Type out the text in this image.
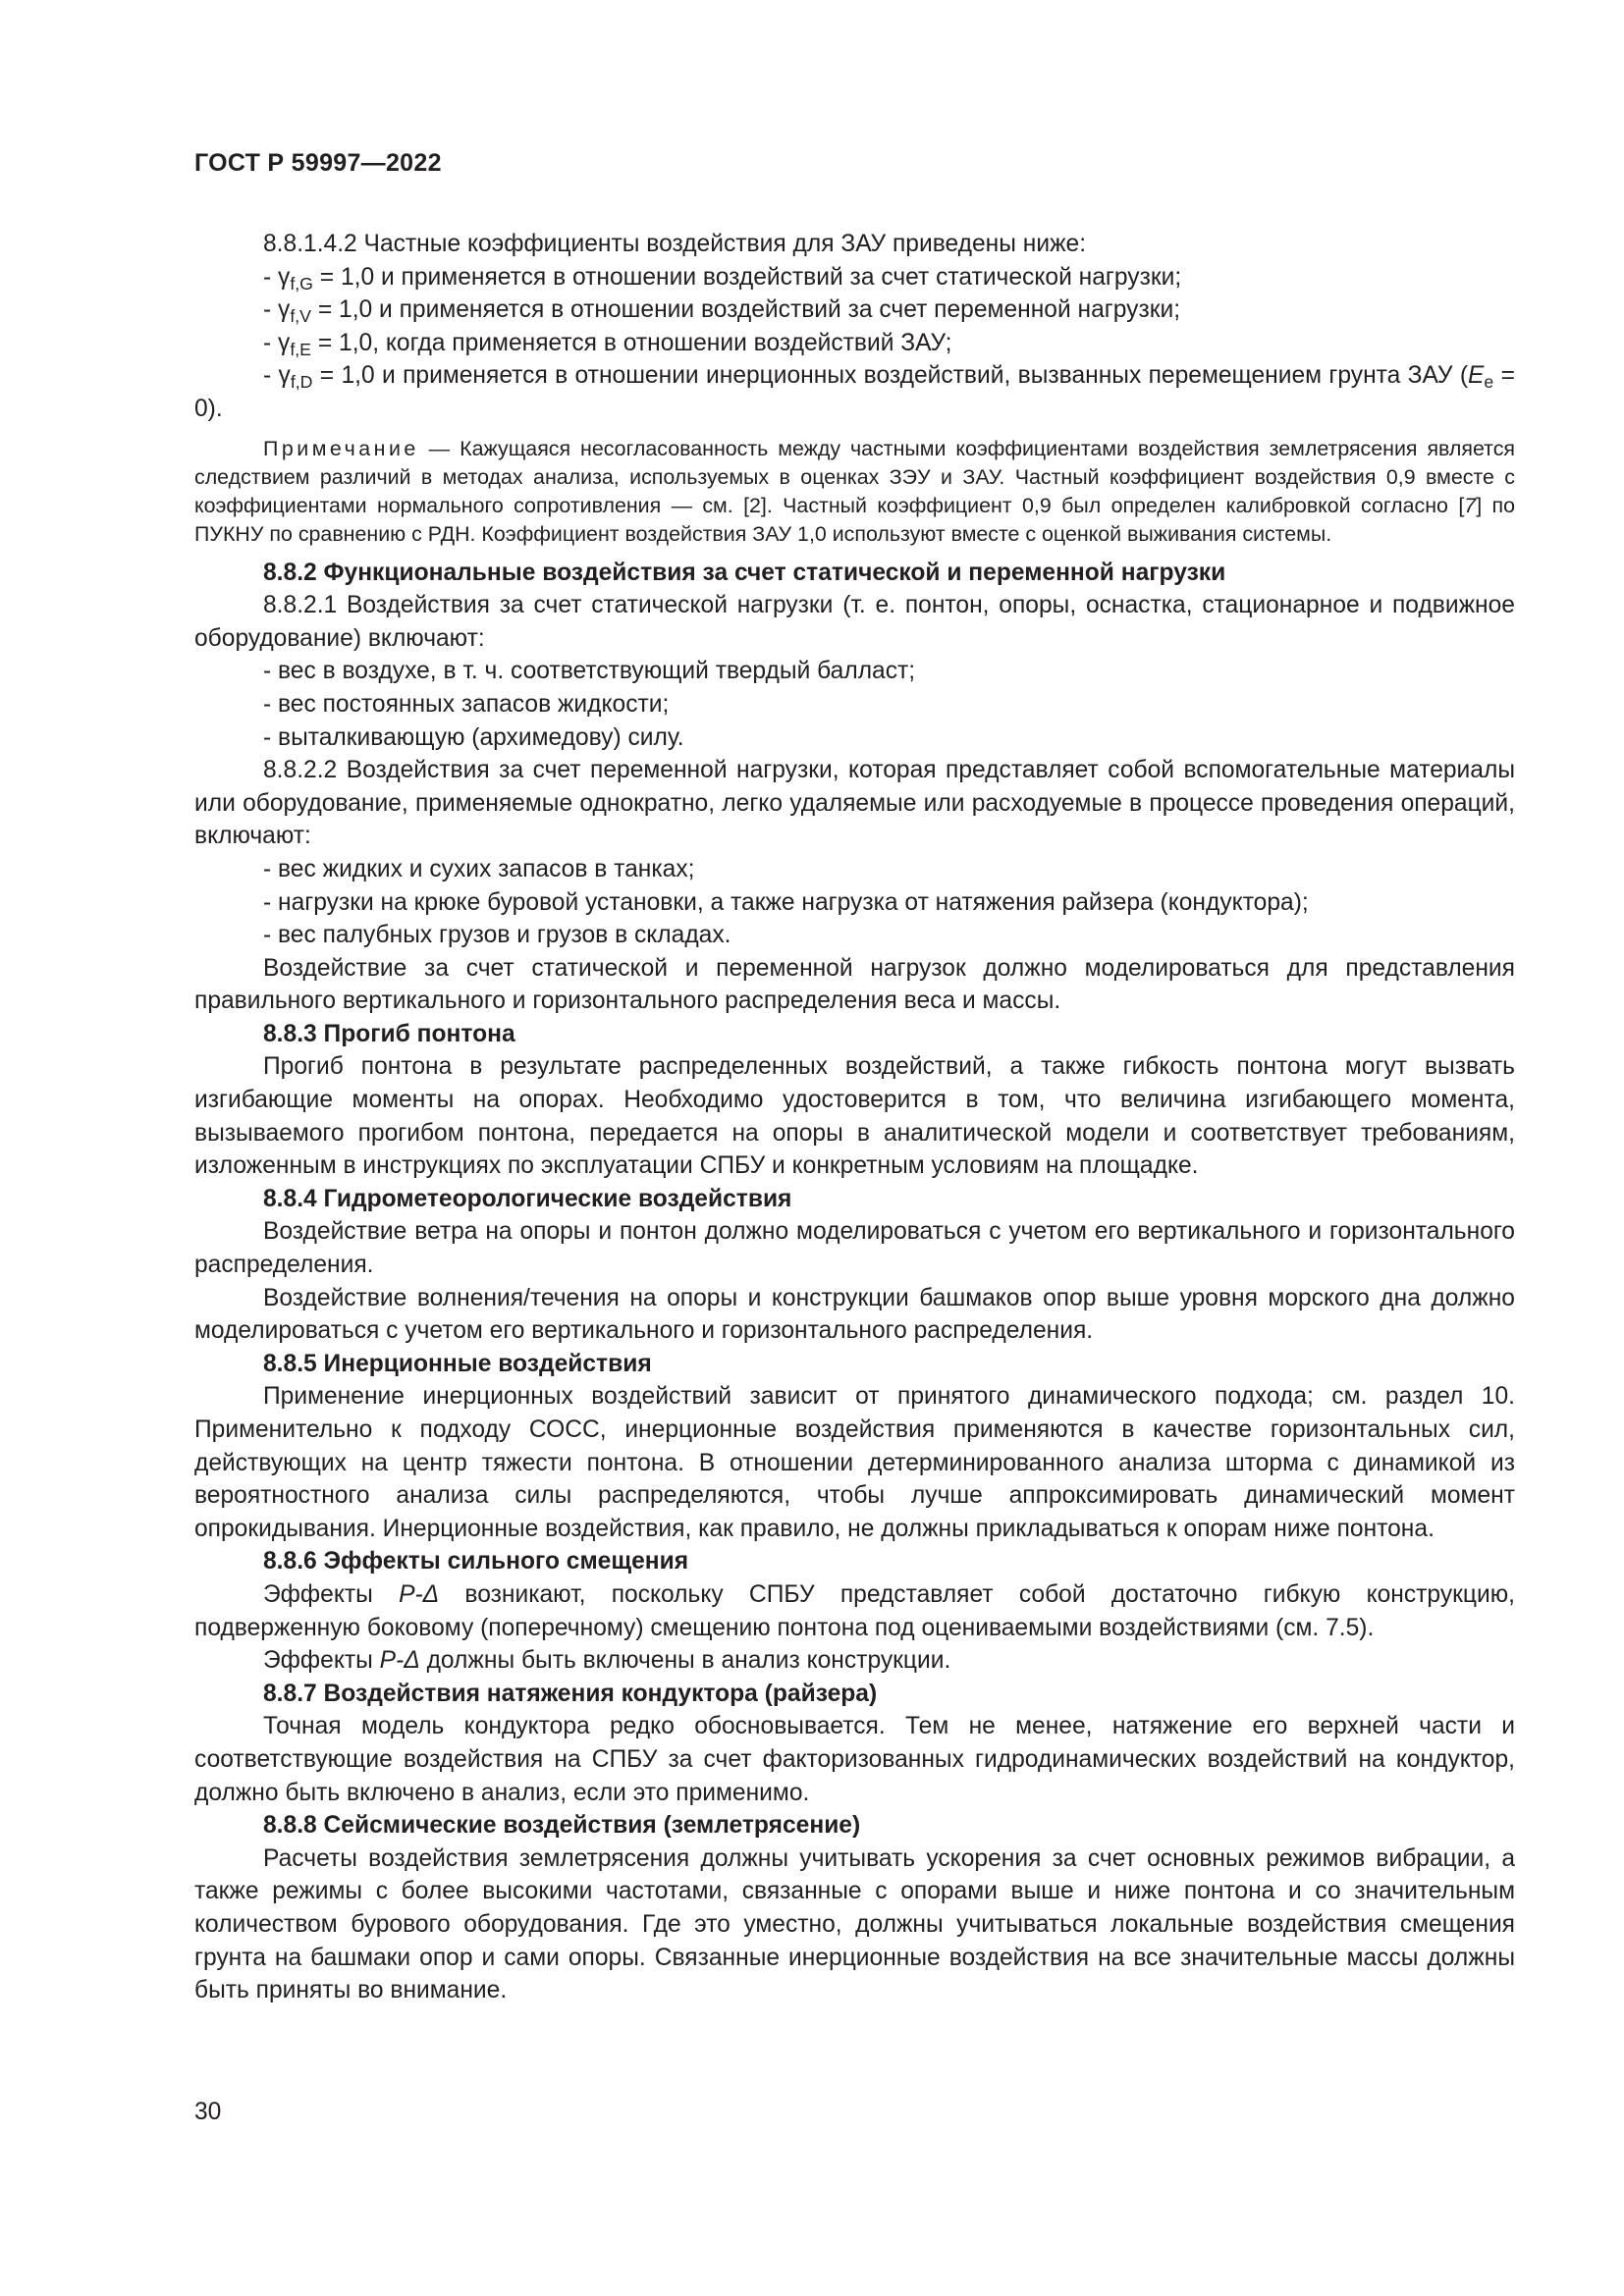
ГОСТ Р 59997—2022

8.8.1.4.2 Частные коэффициенты воздействия для ЗАУ приведены ниже:

- $\gamma_{f,G} = 1,0$ и применяется в отношении воздействий за счет статической нагрузки;

- $\gamma_{f,V} = 1,0$ и применяется в отношении воздействий за счет переменной нагрузки;

- $\gamma_{f,E} = 1,0$, когда применяется в отношении воздействий ЗАУ;

- $\gamma_{f,D} = 1,0$ и применяется в отношении инерционных воздействий, вызванных перемещением грунта ЗАУ $(E_e = 0)$.

Примечание — Кажущаяся несогласованность между частными коэффициентами воздействия землетрясения является следствием различий в методах анализа, используемых в оценках ЗЭУ и ЗАУ. Частный коэффициент воздействия 0,9 вместе с коэффициентами нормального сопротивления — см. [2]. Частный коэффициент 0,9 был определен калибровкой согласно [7] по ПУКНУ по сравнению с РДН. Коэффициент воздействия ЗАУ 1,0 используют вместе с оценкой выживания системы.

8.8.2 Функциональные воздействия за счет статической и переменной нагрузки

8.8.2.1 Воздействия за счет статической нагрузки (т. е. понтон, опоры, оснастка, стационарное и подвижное оборудование) включают:

- вес в воздухе, в т. ч. соответствующий твердый балласт;

- вес постоянных запасов жидкости;

- выталкивающую (архимедову) силу.

8.8.2.2 Воздействия за счет переменной нагрузки, которая представляет собой вспомогательные материалы или оборудование, применяемые однократно, легко удаляемые или расходуемые в процессе проведения операций, включают:

- вес жидких и сухих запасов в танках;

- нагрузки на крюке буровой установки, а также нагрузка от натяжения райзера (кондуктора);

- вес палубных грузов и грузов в складах.

Воздействие за счет статической и переменной нагрузок должно моделироваться для представления правильного вертикального и горизонтального распределения веса и массы.

8.8.3 Прогиб понтона

Прогиб понтона в результате распределенных воздействий, а также гибкость понтона могут вызвать изгибающие моменты на опорах. Необходимо удостоверится в том, что величина изгибающего момента, вызываемого прогибом понтона, передается на опоры в аналитической модели и соответствует требованиям, изложенным в инструкциях по эксплуатации СПБУ и конкретным условиям на площадке.

8.8.4 Гидрометеорологические воздействия

Воздействие ветра на опоры и понтон должно моделироваться с учетом его вертикального и горизонтального распределения.

Воздействие волнения/течения на опоры и конструкции башмаков опор выше уровня морского дна должно моделироваться с учетом его вертикального и горизонтального распределения.

8.8.5 Инерционные воздействия

Применение инерционных воздействий зависит от принятого динамического подхода; см. раздел 10. Применительно к подходу СОСС, инерционные воздействия применяются в качестве горизонтальных сил, действующих на центр тяжести понтона. В отношении детерминированного анализа шторма с динамикой из вероятностного анализа силы распределяются, чтобы лучше аппроксимировать динамический момент опрокидывания. Инерционные воздействия, как правило, не должны прикладываться к опорам ниже понтона.

8.8.6 Эффекты сильного смещения

Эффекты P-Δ возникают, поскольку СПБУ представляет собой достаточно гибкую конструкцию, подверженную боковому (поперечному) смещению понтона под оцениваемыми воздействиями (см. 7.5).

Эффекты P-Δ должны быть включены в анализ конструкции.

8.8.7 Воздействия натяжения кондуктора (райзера)

Точная модель кондуктора редко обосновывается. Тем не менее, натяжение его верхней части и соответствующие воздействия на СПБУ за счет факторизованных гидродинамических воздействий на кондуктор, должно быть включено в анализ, если это применимо.

8.8.8 Сейсмические воздействия (землетрясение)

Расчеты воздействия землетрясения должны учитывать ускорения за счет основных режимов вибрации, а также режимы с более высокими частотами, связанные с опорами выше и ниже понтона и со значительным количеством бурового оборудования. Где это уместно, должны учитываться локальные воздействия смещения грунта на башмаки опор и сами опоры. Связанные инерционные воздействия на все значительные массы должны быть приняты во внимание.

30
